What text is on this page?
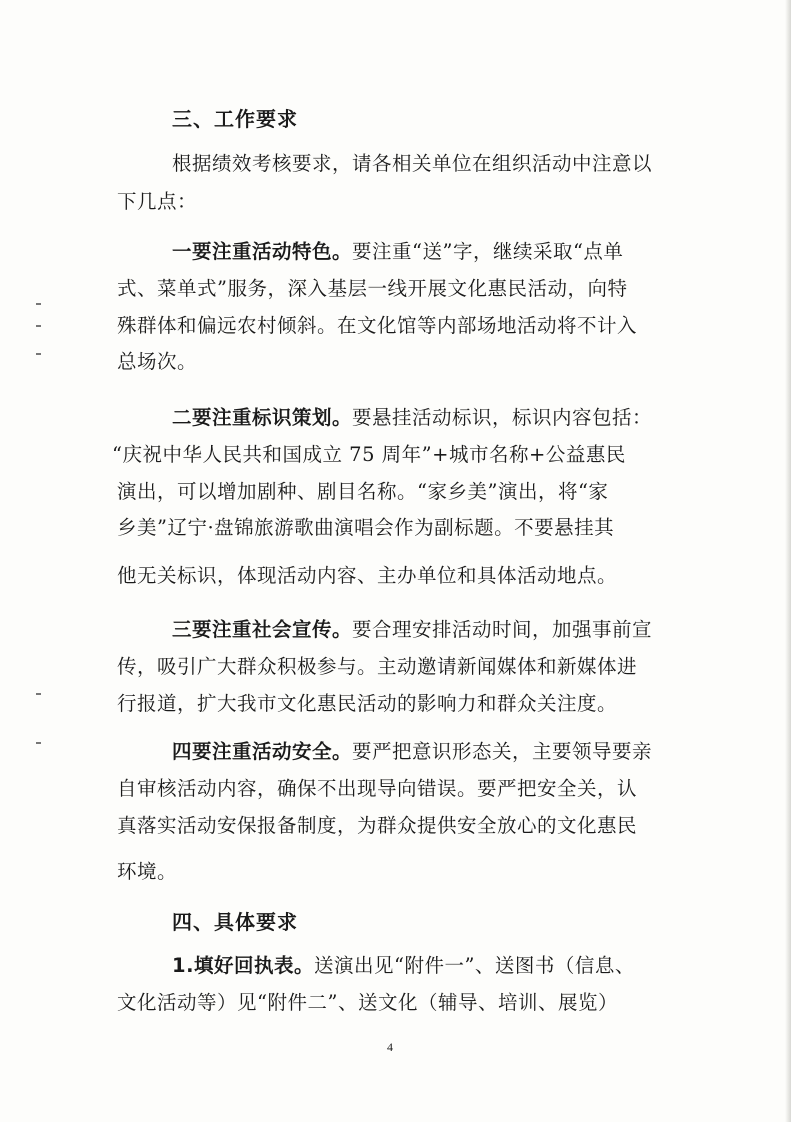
三、工作要求
根据绩效考核要求，请各相关单位在组织活动中注意以
下几点：
一要注重活动特色。要注重“送”字，继续采取“点单
式、菜单式”服务，深入基层一线开展文化惠民活动，向特
殊群体和偏远农村倾斜。在文化馆等内部场地活动将不计入
总场次。
二要注重标识策划。要悬挂活动标识，标识内容包括：
“庆祝中华人民共和国成立 75 周年”+城市名称+公益惠民
演出，可以增加剧种、剧目名称。“家乡美”演出，将“家
乡美”辽宁·盘锦旅游歌曲演唱会作为副标题。不要悬挂其
他无关标识，体现活动内容、主办单位和具体活动地点。
三要注重社会宣传。要合理安排活动时间，加强事前宣
传，吸引广大群众积极参与。主动邀请新闻媒体和新媒体进
行报道，扩大我市文化惠民活动的影响力和群众关注度。
四要注重活动安全。要严把意识形态关，主要领导要亲
自审核活动内容，确保不出现导向错误。要严把安全关，认
真落实活动安保报备制度，为群众提供安全放心的文化惠民
环境。
四、具体要求
1.填好回执表。送演出见“附件一”、送图书（信息、
文化活动等）见“附件二”、送文化（辅导、培训、展览）
4
